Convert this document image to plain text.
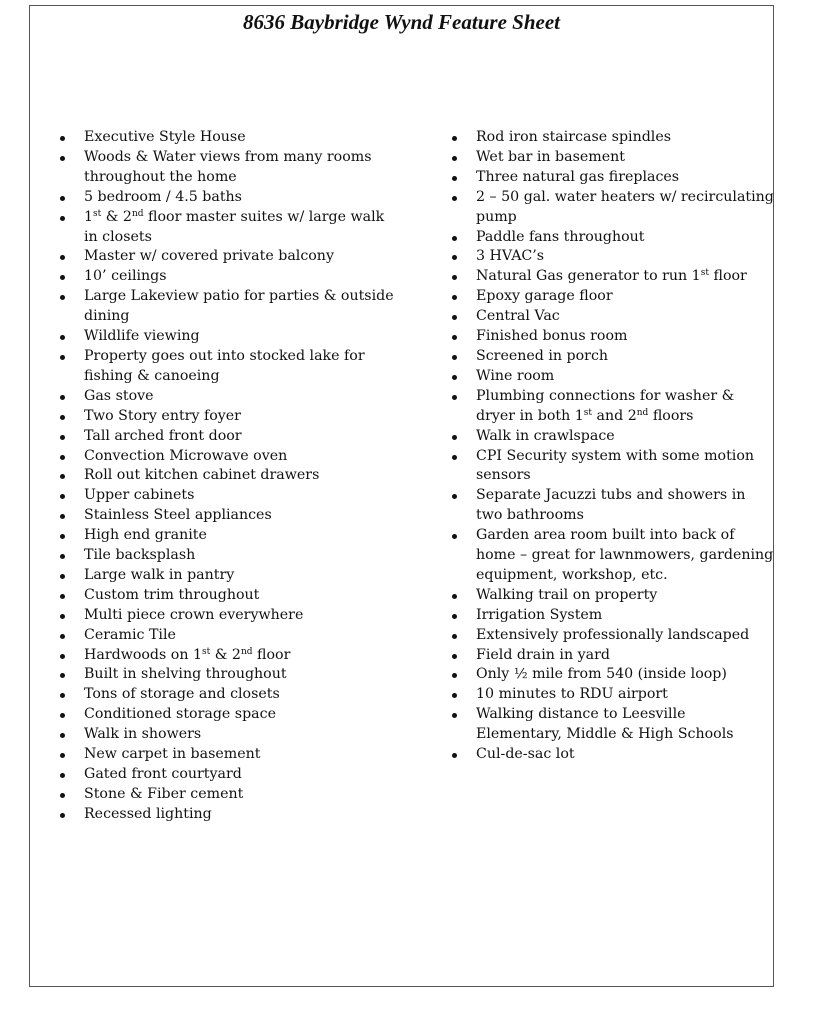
8636 Baybridge Wynd Feature Sheet
Executive Style House
Woods & Water views from many rooms throughout the home
5 bedroom / 4.5 baths
1st & 2nd floor master suites w/ large walk in closets
Master w/ covered private balcony
10’ ceilings
Large Lakeview patio for parties & outside dining
Wildlife viewing
Property goes out into stocked lake for fishing & canoeing
Gas stove
Two Story entry foyer
Tall arched front door
Convection Microwave oven
Roll out kitchen cabinet drawers
Upper cabinets
Stainless Steel appliances
High end granite
Tile backsplash
Large walk in pantry
Custom trim throughout
Multi piece crown everywhere
Ceramic Tile
Hardwoods on 1st & 2nd floor
Built in shelving throughout
Tons of storage and closets
Conditioned storage space
Walk in showers
New carpet in basement
Gated front courtyard
Stone & Fiber cement
Recessed lighting
Rod iron staircase spindles
Wet bar in basement
Three natural gas fireplaces
2 – 50 gal. water heaters w/ recirculating pump
Paddle fans throughout
3 HVAC’s
Natural Gas generator to run 1st floor
Epoxy garage floor
Central Vac
Finished bonus room
Screened in porch
Wine room
Plumbing connections for washer & dryer in both 1st and 2nd floors
Walk in crawlspace
CPI Security system with some motion sensors
Separate Jacuzzi tubs and showers in two bathrooms
Garden area room built into back of home – great for lawnmowers, gardening equipment, workshop, etc.
Walking trail on property
Irrigation System
Extensively professionally landscaped
Field drain in yard
Only ½ mile from 540 (inside loop)
10 minutes to RDU airport
Walking distance to Leesville Elementary, Middle & High Schools
Cul-de-sac lot
